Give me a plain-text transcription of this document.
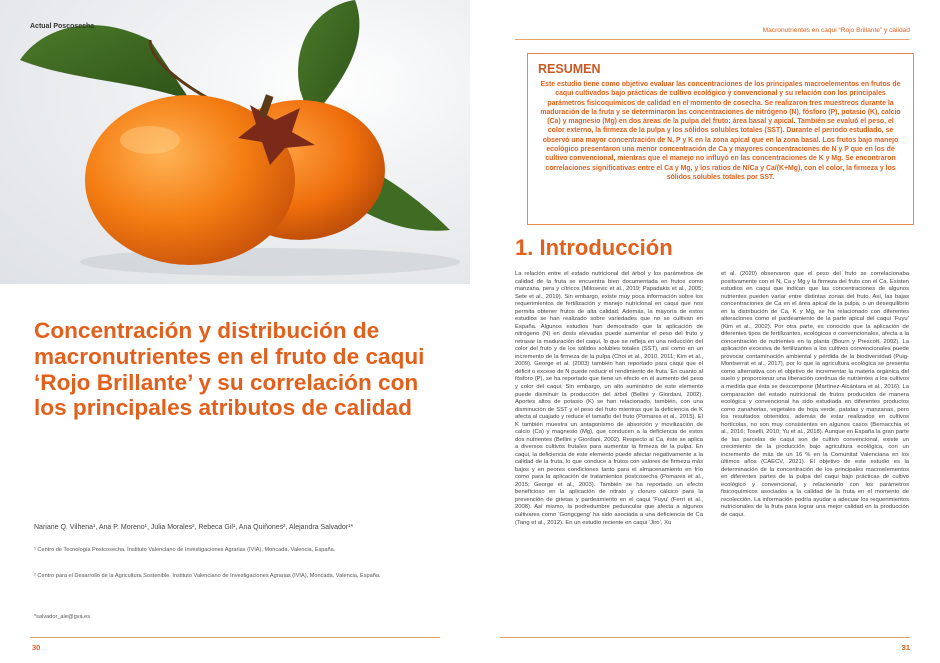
Actual Poscosecha
Concentración y distribución de macronutrientes en el fruto de caqui ‘Rojo Brillante’ y su correlación con los principales atributos de calidad

Nariane Q. Vilhena¹, Ana P. Moreno¹, Julia Morales², Rebeca Gil¹, Ana Quiñones², Alejandra Salvador¹*

¹ Centro de Tecnología Postcosecha. Instituto Valenciano de Investigaciones Agrarias (IVIA), Moncada, Valencia, España.

² Centro para el Desarrollo de la Agricultura Sostenible. Instituto Valenciano de Investigaciones Agrarias (IVIA), Moncada, Valencia, España.

*salvador_ale@gva.es

30
Macronutrientes en caqui “Rojo Brillante” y calidad
RESUMEN

Este estudio tiene como objetivo evaluar las concentraciones de los principales macroelementos en frutos de caqui cultivados bajo prácticas de cultivo ecológico y convencional y su relación con los principales parámetros fisicoquímicos de calidad en el momento de cosecha. Se realizaron tres muestreos durante la maduración de la fruta y se determinaron las concentraciones de nitrógeno (N), fósforo (P), potasio (K), calcio (Ca) y magnesio (Mg) en dos áreas de la pulpa del fruto: área basal y apical. También se evaluó el peso, el color externo, la firmeza de la pulpa y los sólidos solubles totales (SST). Durante el periodo estudiado, se observó una mayor concentración de N, P y K en la zona apical que en la zona basal. Los frutos bajo manejo ecológico presentaron una menor concentración de Ca y mayores concentraciones de N y P que en los de cultivo convencional, mientras que el manejo no influyó en las concentraciones de K y Mg. Se encontraron correlaciones significativas entre el Ca y Mg, y los ratios de N/Ca y Ca/(K+Mg), con el color, la firmeza y los sólidos solubles totales por SST.

1. Introducción

La relación entre el estado nutricional del árbol y los parámetros de calidad de la fruta se encuentra bien documentada en frutos como manzana, pera y cítricos (Milosevic et al., 2019; Papadakis et al., 2005; Sete et al., 2019). Sin embargo, existe muy poca información sobre los requerimientos de fertilización y manejo nutricional en caqui que nos permita obtener frutos de alta calidad. Además, la mayoría de estos estudios se han realizado sobre variedades que no se cultivan en España. Algunos estudios han demostrado que la aplicación de nitrógeno (N) en dosis elevadas puede aumentar el peso del fruto y retrasar la maduración del caqui, lo que se refleja en una reducción del color del fruto y de los sólidos solubles totales (SST), así como en un incremento de la firmeza de la pulpa (Choi et al., 2010, 2011; Kim et al., 2009). George et al. (2003) también han reportado para caqui que el déficit o exceso de N puede reducir el rendimiento de fruta. En cuanto al fósforo (P), se ha reportado que tiene un efecto en el aumento del peso y color del caqui. Sin embargo, un alto suministro de este elemento puede disminuir la producción del árbol (Bellini y Giordani, 2002). Aportes altos de potasio (K) se han relacionado, también, con una disminución de SST y el peso del fruto mientras que la deficiencia de K afecta al cuajado y reduce el tamaño del fruto (Pomares et al., 2015). El K también muestra un antagonismo de absorción y movilización de calcio (Ca) y magnesio (Mg), que conducen a la deficiencia de estos dos nutrientes (Bellini y Giordani, 2002). Respecto al Ca, éste se aplica a diversos cultivos frutales para aumentar la firmeza de la pulpa. En caqui, la deficiencia de este elemento puede afectar negativamente a la calidad de la fruta, lo que conduce a frutos con valores de firmeza más bajos y en peores condiciones tanto para el almacenamiento en frío como para la aplicación de tratamientos postcosecha (Pomares et al., 2015; George et al., 2003). También se ha reportado un efecto beneficioso en la aplicación de nitrato y cloruro cálcico para la prevención de grietas y pardeamiento en el caqui ‘Fuyu’ (Ferri et al., 2008). Así mismo, la podredumbre peduncular que afecta a algunos cultivares como ‘Gongcgeng’ ha sido asociada a una deficiencia de Ca (Tang et al., 2012). En un estudio reciente en caqui ‘Jiro’, Xu

et al. (2020) observaron que el peso del fruto se correlacionaba positivamente con el N, Ca y Mg y la firmeza del fruto con el Ca. Existen estudios en caqui que indican que las concentraciones de algunos nutrientes pueden variar entre distintas zonas del fruto. Así, las bajas concentraciones de Ca en el área apical de la pulpa, o un desequilibrio en la distribución de Ca, K y Mg, se ha relacionado con diferentes alteraciones como el pardeamiento de la parte apical del caqui ‘Fuyu’ (Kim et al., 2002). Por otra parte, es conocido que la aplicación de diferentes tipos de fertilizantes, ecológicos o convencionales, afecta a la concentración de nutrientes en la planta (Bourn y Prescott, 2002). La aplicación excesiva de fertilizantes a los cultivos convencionales puede provocar contaminación ambiental y pérdida de la biodiversidad (Puig-Montserrat et al., 2017), por lo que la agricultura ecológica se presenta como alternativa con el objetivo de incrementar la materia orgánica del suelo y proporcionar una liberación continua de nutrientes a los cultivos a medida que ésta se descompone (Martínez-Alcántara et al., 2016). La comparación del estado nutricional de frutos producidos de manera ecológica y convencional ha sido estudiada en diferentes productos como zanahorias, vegetales de hoja verde, patatas y manzanas, pero los resultados obtenidos, además de estar realizados en cultivos hortícolas, no son muy consistentes en algunos casos (Bernacchia et al., 2016; Toselli, 2010; Yu et al., 2018). Aunque en España la gran parte de las parcelas de caqui son de cultivo convencional, existe un crecimiento de la producción bajo agricultura ecológica, con un incremento de más de un 16 % en la Comunitat Valenciana en los últimos años (CAECV, 2021). El objetivo de este estudio es la determinación de la concentración de los principales macroelementos en diferentes partes de la pulpa del caqui bajo prácticas de cultivo ecológico y convencional, y relacionarlo con los parámetros fisicoquímicos asociados a la calidad de la fruta en el momento de recolección. La información podría ayudar a adecuar los requerimientos nutricionales de la fruta para lograr una mejor calidad en la producción de caqui.

31
